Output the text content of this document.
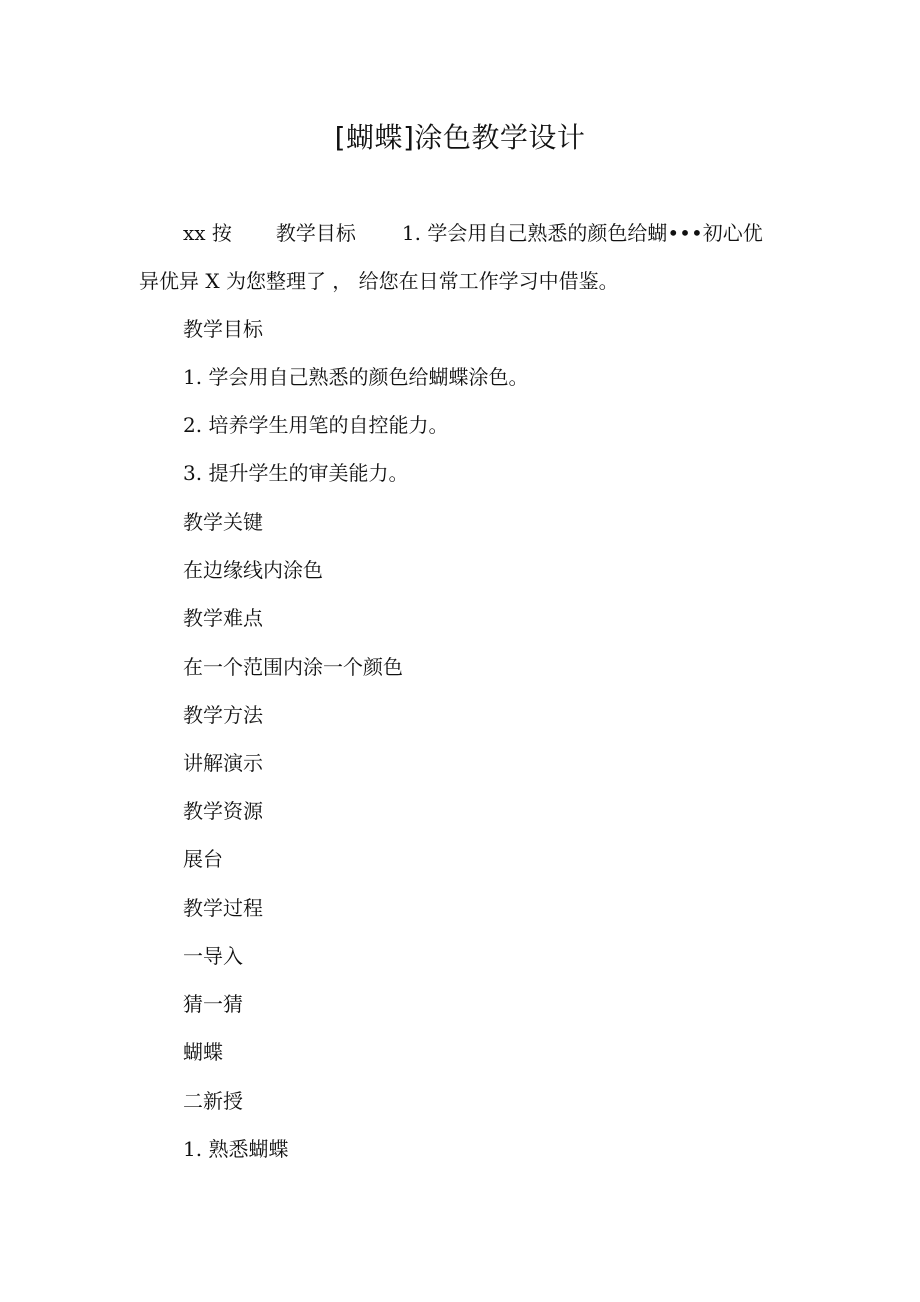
[蝴蝶]涂色教学设计
xx 按 教学目标 1. 学会用自己熟悉的颜色给蝴•••初心优
异优异 X 为您整理了 ， 给您在日常工作学习中借鉴。
教学目标
1. 学会用自己熟悉的颜色给蝴蝶涂色。
2. 培养学生用笔的自控能力。
3. 提升学生的审美能力。
教学关键
在边缘线内涂色
教学难点
在一个范围内涂一个颜色
教学方法
讲解演示
教学资源
展台
教学过程
一导入
猜一猜
蝴蝶
二新授
1. 熟悉蝴蝶
